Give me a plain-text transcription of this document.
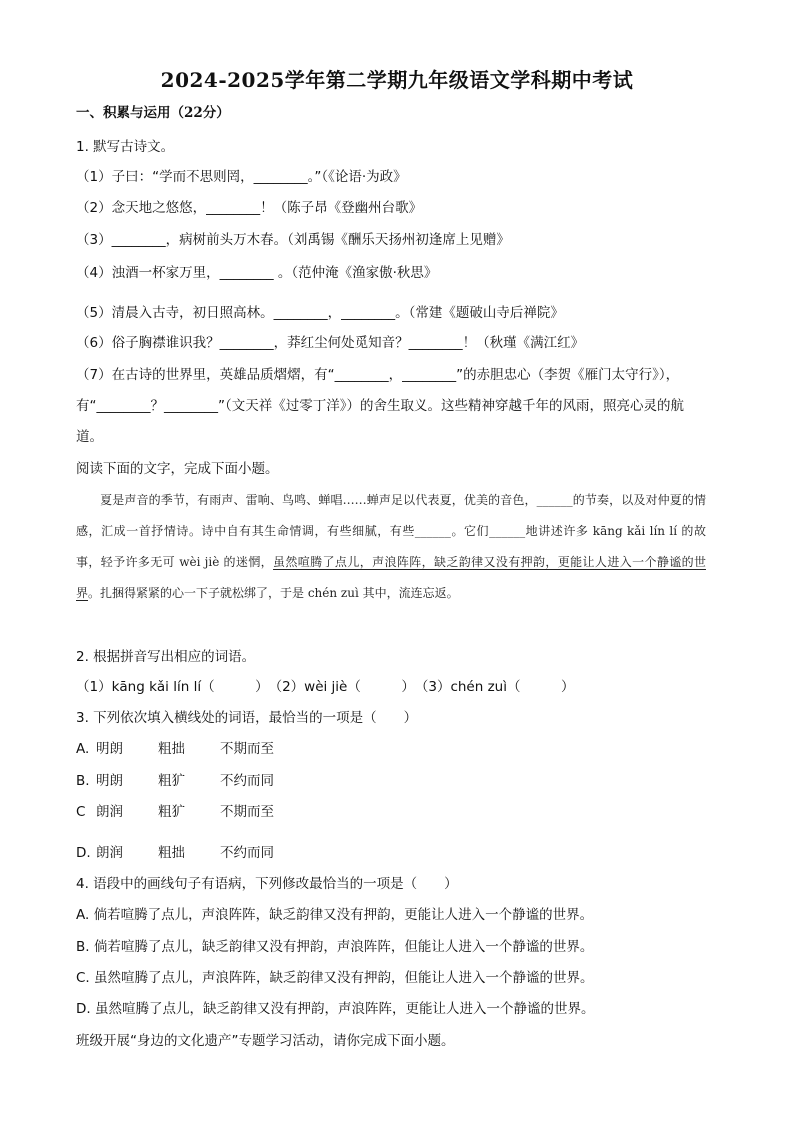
2024-2025学年第二学期九年级语文学科期中考试
一、积累与运用（22分）
1. 默写古诗文。
（1）子曰：“学而不思则罔，________。”（《论语·为政》
（2）念天地之悠悠，________！（陈子昂《登幽州台歌》
（3）________，病树前头万木春。（刘禹锡《酬乐天扬州初逢席上见赠》
（4）浊酒一杯家万里，________ 。（范仲淹《渔家傲·秋思》
（5）清晨入古寺，初日照高林。________，________。（常建《题破山寺后禅院》
（6）俗子胸襟谁识我？________，莽红尘何处觅知音？________！（秋瑾《满江红》
（7）在古诗的世界里，英雄品质熠熠，有“________，________”的赤胆忠心（李贺《雁门太守行》），
有“________？________”（文天祥《过零丁洋》）的舍生取义。这些精神穿越千年的风雨，照亮心灵的航
道。
阅读下面的文字，完成下面小题。
夏是声音的季节，有雨声、雷响、鸟鸣、蝉唱……蝉声足以代表夏，优美的音色，______的节奏，以及对仲夏的情感，汇成一首抒情诗。诗中自有其生命情调，有些细腻，有些______。它们______地讲述许多 kāng kǎi lín lí 的故事，轻予许多无可 wèi jiè 的迷惘，虽然喧腾了点儿，声浪阵阵，缺乏韵律又没有押韵，更能让人进入一个静谧的世界。扎捆得紧紧的心一下子就松绑了，于是 chén zuì 其中，流连忘返。
2. 根据拼音写出相应的词语。
（1）kāng kǎi lín lí（　　　）　（2）wèi jiè（　　　）　（3）chén zuì（　　　）
3. 下列依次填入横线处的词语，最恰当的一项是（　　）
A. 明朗	粗拙	不期而至
B. 明朗	粗犷	不约而同
C 朗润	粗犷	不期而至
D. 朗润	粗拙	不约而同
4. 语段中的画线句子有语病，下列修改最恰当的一项是（　　）
A. 倘若喧腾了点儿，声浪阵阵，缺乏韵律又没有押韵，更能让人进入一个静谧的世界。
B. 倘若喧腾了点儿，缺乏韵律又没有押韵，声浪阵阵，但能让人进入一个静谧的世界。
C. 虽然喧腾了点儿，声浪阵阵，缺乏韵律又没有押韵，但能让人进入一个静谧的世界。
D. 虽然喧腾了点儿，缺乏韵律又没有押韵，声浪阵阵，更能让人进入一个静谧的世界。
班级开展“身边的文化遗产”专题学习活动，请你完成下面小题。
